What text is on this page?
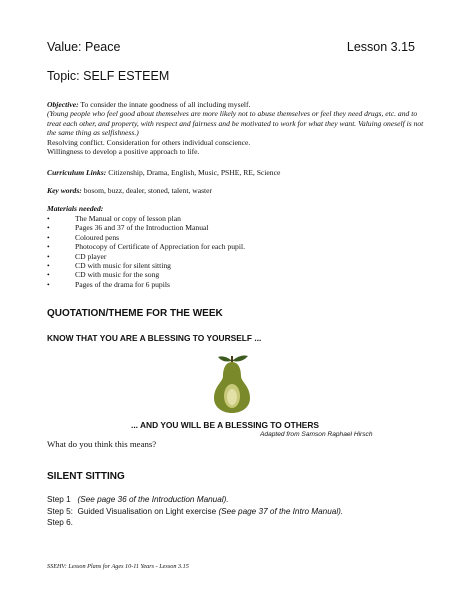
Value: Peace	Lesson 3.15
Topic: SELF ESTEEM
Objective: To consider the innate goodness of all including myself.
(Young people who feel good about themselves are more likely not to abuse themselves or feel they need drugs, etc. and to treat each other, and property, with respect and fairness and be motivated to work for what they want. Valuing oneself is not the same thing as selfishness.)
Resolving conflict. Consideration for others individual conscience.
Willingness to develop a positive approach to life.
Curriculum Links: Citizenship, Drama, English, Music, PSHE, RE, Science
Key words: bosom, buzz, dealer, stoned, talent, waster
Materials needed:
• The Manual or copy of lesson plan
• Pages 36 and 37 of the Introduction Manual
• Coloured pens
• Photocopy of Certificate of Appreciation for each pupil.
• CD player
• CD with music for silent sitting
• CD with music for the song
• Pages of the drama for 6 pupils
QUOTATION/THEME FOR THE WEEK
KNOW THAT YOU ARE A BLESSING TO YOURSELF ...
... AND YOU WILL BE A BLESSING TO OTHERS
Adapted from Samson Raphael Hirsch
What do you think this means?
SILENT SITTING
Step 1   (See page 36 of the Introduction Manual).
Step 5:  Guided Visualisation on Light exercise (See page 37 of the Intro Manual).
Step 6.
SSEHV: Lesson Plans for Ages 10-11 Years - Lesson 3.15
